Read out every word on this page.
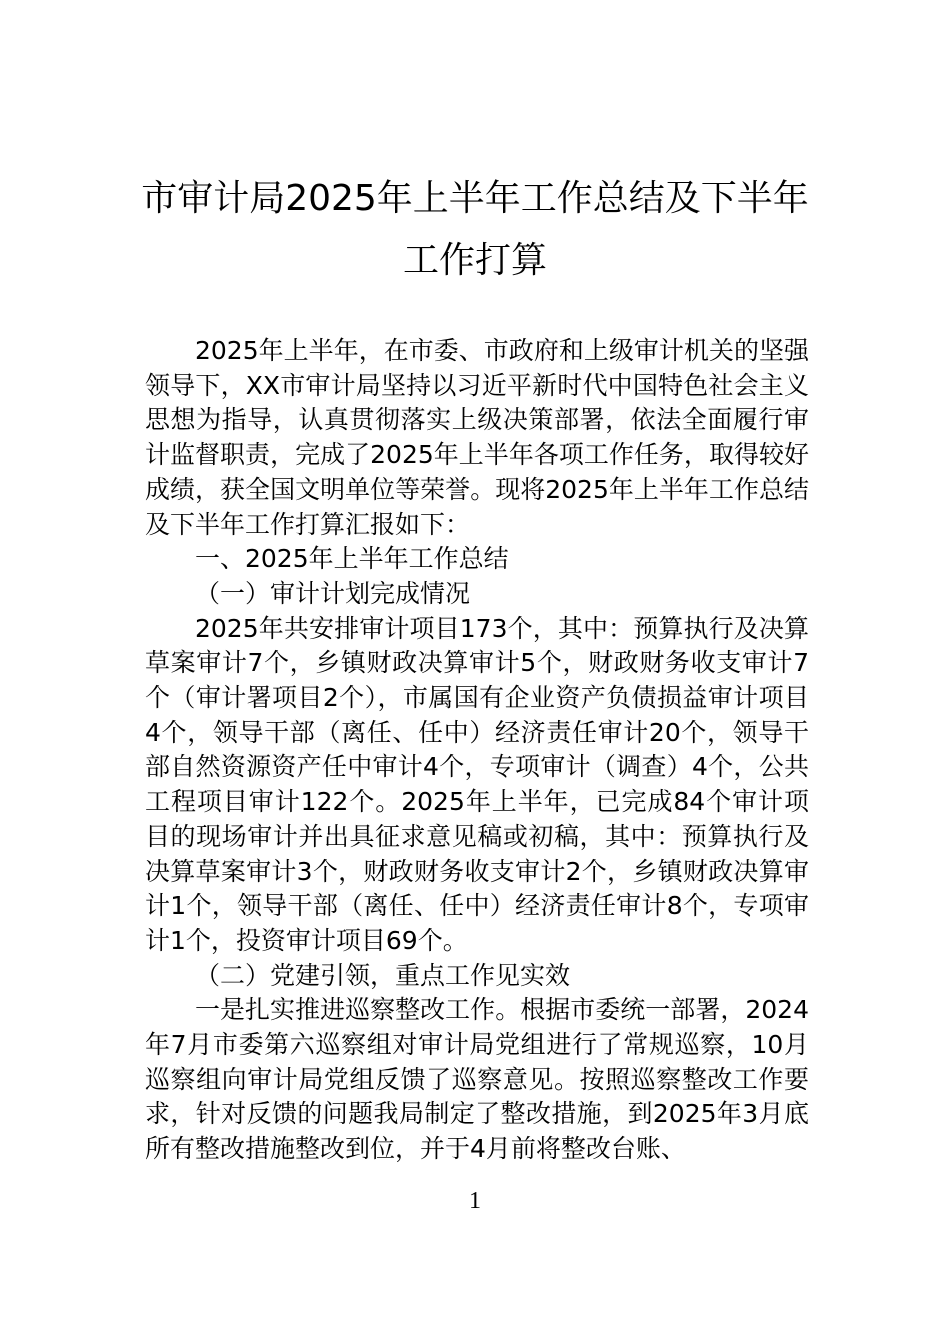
市审计局2025年上半年工作总结及下半年
工作打算

2025年上半年，在市委、市政府和上级审计机关的坚强领导下，XX市审计局坚持以习近平新时代中国特色社会主义思想为指导，认真贯彻落实上级决策部署，依法全面履行审计监督职责，完成了2025年上半年各项工作任务，取得较好成绩，获全国文明单位等荣誉。现将2025年上半年工作总结及下半年工作打算汇报如下：

一、2025年上半年工作总结

（一）审计计划完成情况

2025年共安排审计项目173个，其中：预算执行及决算草案审计7个，乡镇财政决算审计5个，财政财务收支审计7个（审计署项目2个），市属国有企业资产负债损益审计项目4个，领导干部（离任、任中）经济责任审计20个，领导干部自然资源资产任中审计4个，专项审计（调查）4个，公共工程项目审计122个。2025年上半年，已完成84个审计项目的现场审计并出具征求意见稿或初稿，其中：预算执行及决算草案审计3个，财政财务收支审计2个，乡镇财政决算审计1个，领导干部（离任、任中）经济责任审计8个，专项审计1个，投资审计项目69个。

（二）党建引领，重点工作见实效

一是扎实推进巡察整改工作。根据市委统一部署，2024年7月市委第六巡察组对审计局党组进行了常规巡察，10月巡察组向审计局党组反馈了巡察意见。按照巡察整改工作要求，针对反馈的问题我局制定了整改措施，到2025年3月底所有整改措施整改到位，并于4月前将整改台账、

1
